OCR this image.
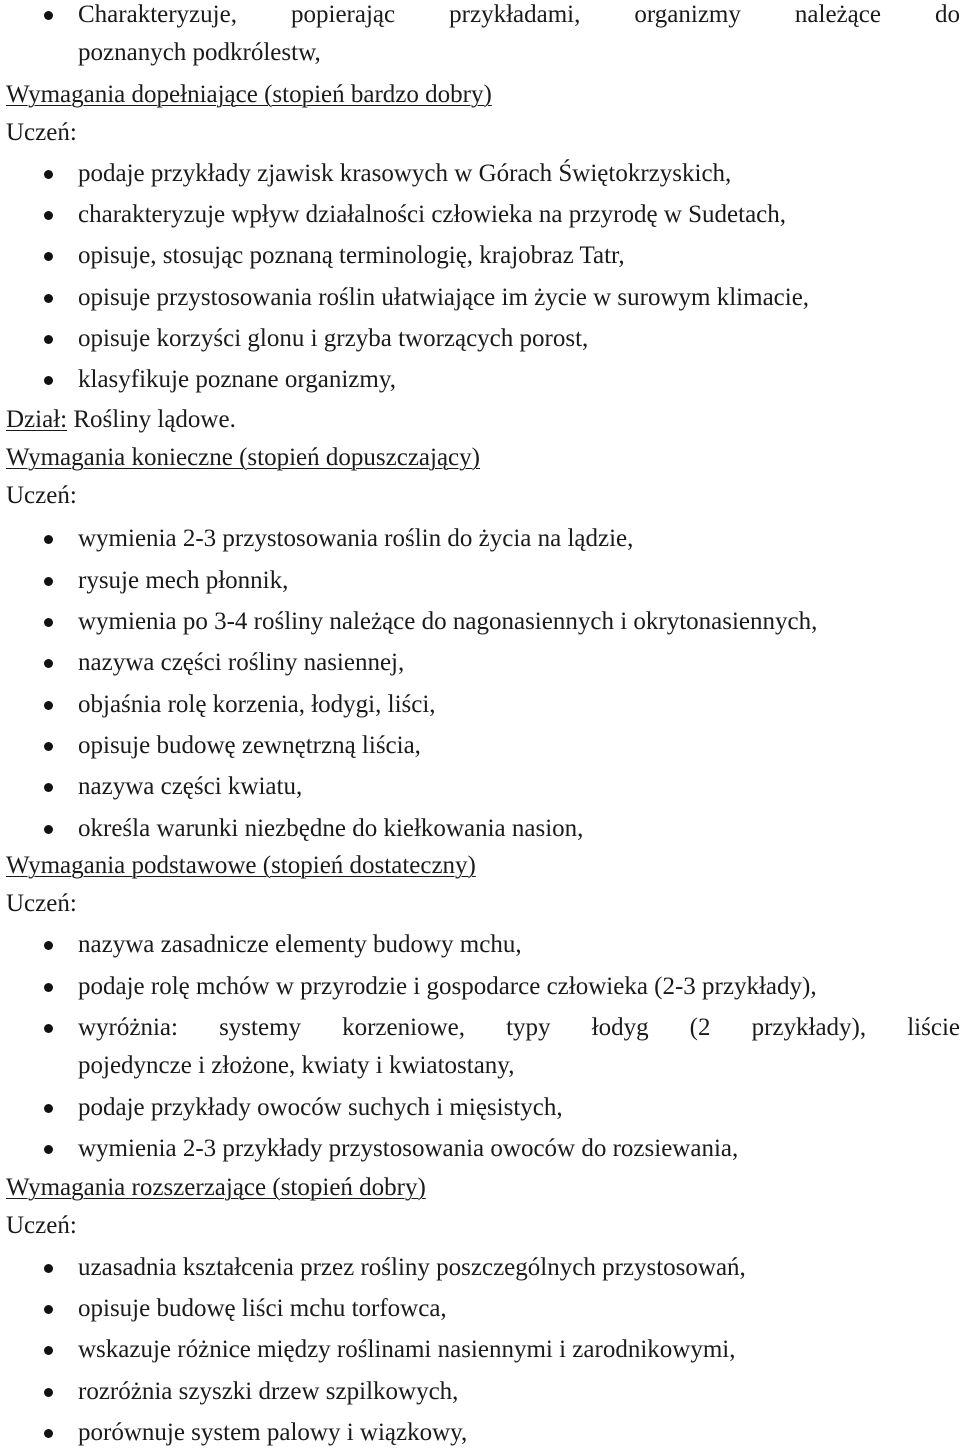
Charakteryzuje, popierając przykładami, organizmy należące do
poznanych podkrólestw,
Wymagania dopełniające (stopień bardzo dobry)
Uczeń:
podaje przykłady zjawisk krasowych w Górach Świętokrzyskich,
charakteryzuje wpływ działalności człowieka na przyrodę w Sudetach,
opisuje, stosując poznaną terminologię, krajobraz Tatr,
opisuje przystosowania roślin ułatwiające im życie w surowym klimacie,
opisuje korzyści glonu i grzyba tworzących porost,
klasyfikuje poznane organizmy,
Dział: Rośliny lądowe.
Wymagania konieczne (stopień dopuszczający)
Uczeń:
wymienia 2-3 przystosowania roślin do życia na lądzie,
rysuje mech płonnik,
wymienia po 3-4 rośliny należące do nagonasiennych i okrytonasiennych,
nazywa części rośliny nasiennej,
objaśnia rolę korzenia, łodygi, liści,
opisuje budowę zewnętrzną liścia,
nazywa części kwiatu,
określa warunki niezbędne do kiełkowania nasion,
Wymagania podstawowe (stopień dostateczny)
Uczeń:
nazywa zasadnicze elementy budowy mchu,
podaje rolę mchów w przyrodzie i gospodarce człowieka (2-3 przykłady),
wyróżnia: systemy korzeniowe, typy łodyg (2 przykłady), liście
pojedyncze i złożone, kwiaty i kwiatostany,
podaje przykłady owoców suchych i mięsistych,
wymienia 2-3 przykłady przystosowania owoców do rozsiewania,
Wymagania rozszerzające (stopień dobry)
Uczeń:
uzasadnia kształcenia przez rośliny poszczególnych przystosowań,
opisuje budowę liści mchu torfowca,
wskazuje różnice między roślinami nasiennymi i zarodnikowymi,
rozróżnia szyszki drzew szpilkowych,
porównuje system palowy i wiązkowy,
